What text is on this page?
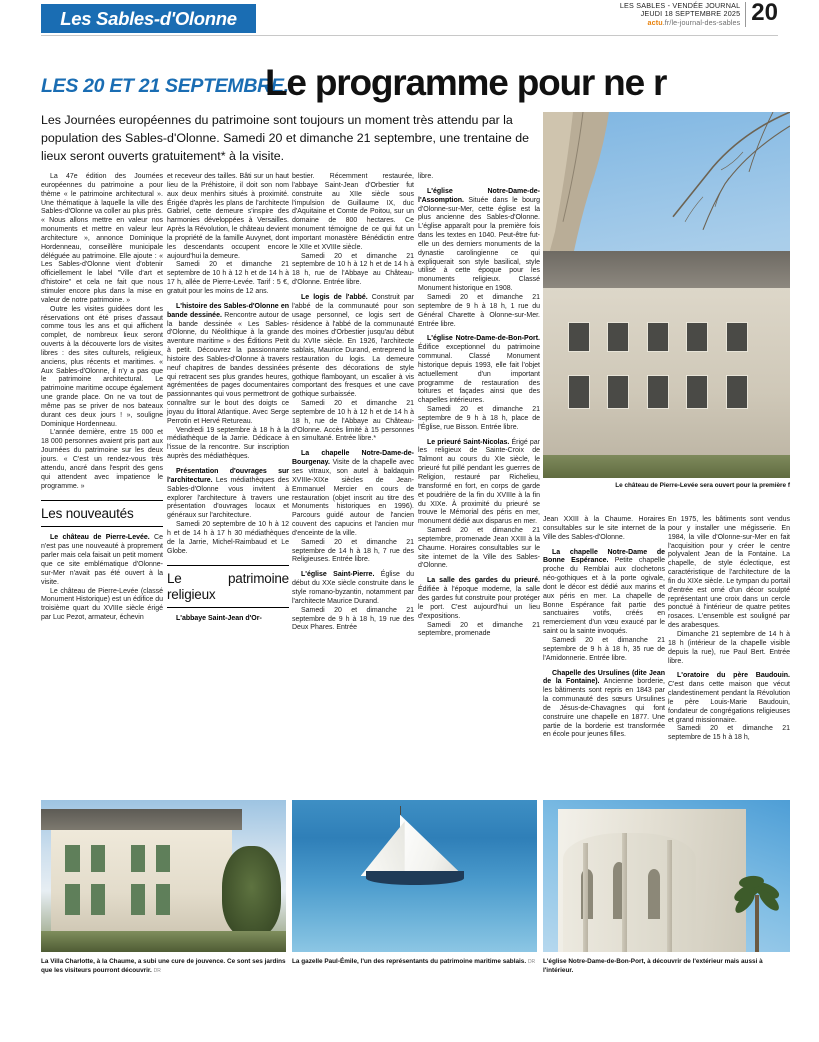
Les Sables-d'Olonne
LES SABLES - VENDÉE JOURNAL
JEUDI 18 SEPTEMBRE 2025
actu.fr/le-journal-des-sables 20
LES 20 ET 21 SEPTEMBRE.
Le programme pour ne r
Les Journées européennes du patrimoine sont toujours un moment très attendu par la population des Sables-d'Olonne. Samedi 20 et dimanche 21 septembre, une trentaine de lieux seront ouverts gratuitement* à la visite.
Le château de Pierre-Levée sera ouvert pour la première f

La 47e édition des Journées européennes du patrimoine a pour thème « le patrimoine architectural ». Une thématique à laquelle la ville des Sables-d'Olonne va coller au plus près. « Nous allons mettre en valeur nos monuments et mettre en valeur leur architecture », annonce Dominique Hordenneau, conseillère municipale déléguée au patrimoine. Elle ajoute : « Les Sables-d'Olonne vient d'obtenir officiellement le label "Ville d'art et d'histoire" et cela ne fait que nous stimuler encore plus dans la mise en valeur de notre patrimoine. »

Outre les visites guidées dont les réservations ont été prises d'assaut comme tous les ans et qui affichent complet, de nombreux lieux seront ouverts à la découverte lors de visites libres : des sites culturels, religieux, anciens, plus récents et maritimes. « Aux Sables-d'Olonne, il n'y a pas que le patrimoine architectural. Le patrimoine maritime occupe également une grande place. On ne va tout de même pas se priver de nos bateaux durant ces deux jours ! », souligne Dominique Hordenneau.

L'année dernière, entre 15 000 et 18 000 personnes avaient pris part aux Journées du patrimoine sur les deux jours. « C'est un rendez-vous très attendu, ancré dans l'esprit des gens qui attendent avec impatience le programme. »

Les nouveautés

Le château de Pierre-Levée. Ce n'est pas une nouveauté à proprement parler mais cela faisait un petit moment que ce site emblématique d'Olonne-sur-Mer n'avait pas été ouvert à la visite.

Le château de Pierre-Levée (classé Monument Historique) est un édifice du troisième quart du XVIIIe siècle érigé par Luc Pezot, armateur, échevin

et receveur des tailles. Bâti sur un haut lieu de la Préhistoire, il doit son nom aux deux menhirs situés à proximité. Érigée d'après les plans de l'architecte Gabriel, cette demeure s'inspire des harmonies développées à Versailles. Après la Révolution, le château devient la propriété de la famille Auvynet, dont les descendants occupent encore aujourd'hui la demeure.

Samedi 20 et dimanche 21 septembre de 10 h à 12 h et de 14 h à 17 h, allée de Pierre-Levée. Tarif : 5 €, gratuit pour les moins de 12 ans.

L'histoire des Sables-d'Olonne en bande dessinée. Rencontre autour de la bande dessinée « Les Sables-d'Olonne, du Néolithique à la grande aventure maritime » des Éditions Petit à petit. Découvrez la passionnante histoire des Sables-d'Olonne à travers neuf chapitres de bandes dessinées qui retracent ses plus grandes heures, agrémentées de pages documentaires passionnantes qui vous permettront de connaître sur le bout des doigts ce joyau du littoral Atlantique. Avec Serge Perrotin et Hervé Retureau.

Vendredi 19 septembre à 18 h à la médiathèque de la Jarrie. Dédicace à l'issue de la rencontre. Sur inscription auprès des médiathèques.

Présentation d'ouvrages sur l'architecture. Les médiathèques des Sables-d'Olonne vous invitent à explorer l'architecture à travers une présentation d'ouvrages locaux et généraux sur l'architecture.

Samedi 20 septembre de 10 h à 12 h et de 14 h à 17 h 30 médiathèques de la Jarrie, Michel-Raimbaud et Le Globe.

Le patrimoine religieux

L'abbaye Saint-Jean d'Or-

bestier. Récemment restaurée, l'abbaye Saint-Jean d'Orbestier fut construite au XIIe siècle sous l'impulsion de Guillaume IX, duc d'Aquitaine et Comte de Poitou, sur un domaine de 800 hectares. Ce monument témoigne de ce qui fut un important monastère Bénédictin entre le XIIe et XVIIIe siècle.

Samedi 20 et dimanche 21 septembre de 10 h à 12 h et de 14 h à 18 h, rue de l'Abbaye au Château-d'Olonne. Entrée libre.

Le logis de l'abbé. Construit par l'abbé de la communauté pour son usage personnel, ce logis sert de résidence à l'abbé de la communauté des moines d'Orbestier jusqu'au début du XVIIe siècle. En 1926, l'architecte sablais, Maurice Durand, entreprend la restauration du logis. La demeure présente des décorations de style gothique flamboyant, un escalier à vis comportant des fresques et une cave gothique surbaissée.

Samedi 20 et dimanche 21 septembre de 10 h à 12 h et de 14 h à 18 h, rue de l'Abbaye au Château-d'Olonne. Accès limité à 15 personnes en simultané. Entrée libre.*

La chapelle Notre-Dame-de-Bourgenay. Visite de la chapelle avec ses vitraux, son autel à baldaquin XVIIIe-XIXe siècles de Jean-Emmanuel Mercier en cours de restauration (objet inscrit au titre des Monuments historiques en 1996). Parcours guidé autour de l'ancien couvent des capucins et l'ancien mur d'enceinte de la ville.

Samedi 20 et dimanche 21 septembre de 14 h à 18 h, 7 rue des Religieuses. Entrée libre.

L'église Saint-Pierre. Église du début du XXe siècle construite dans le style romano-byzantin, notamment par l'architecte Maurice Durand.

Samedi 20 et dimanche 21 septembre de 9 h à 18 h, 19 rue des Deux Phares. Entrée

libre.

L'église Notre-Dame-de-l'Assomption. Située dans le bourg d'Olonne-sur-Mer, cette église est la plus ancienne des Sables-d'Olonne. L'église apparaît pour la première fois dans les textes en 1040. Peut-être fut-elle un des derniers monuments de la dynastie carolingienne ce qui expliquerait son style basilical, style utilisé à cette époque pour les monuments religieux. Classé Monument historique en 1908.

Samedi 20 et dimanche 21 septembre de 9 h à 18 h, 1 rue du Général Charette à Olonne-sur-Mer. Entrée libre.

L'église Notre-Dame-de-Bon-Port. Édifice exceptionnel du patrimoine communal. Classé Monument historique depuis 1993, elle fait l'objet actuellement d'un important programme de restauration des toitures et façades ainsi que des chapelles intérieures.

Samedi 20 et dimanche 21 septembre de 9 h à 18 h, place de l'Église, rue Bisson. Entrée libre.

Le prieuré Saint-Nicolas. Érigé par les religieux de Sainte-Croix de Talmont au cours du XIe siècle, le prieuré fut pillé pendant les guerres de Religion, restauré par Richelieu, transformé en fort, en corps de garde et poudrière de la fin du XVIIIe à la fin du XIXe. À proximité du prieuré se trouve le Mémorial des péris en mer, monument dédié aux disparus en mer.

Samedi 20 et dimanche 21 septembre, promenade Jean XXIII à la Chaume. Horaires consultables sur le site internet de la Ville des Sables-d'Olonne.

La salle des gardes du prieuré. Édifiée à l'époque moderne, la salle des gardes fut construite pour protéger le port. C'est aujourd'hui un lieu d'expositions.

Samedi 20 et dimanche 21 septembre, promenade

Jean XXIII à la Chaume. Horaires consultables sur le site internet de la Ville des Sables-d'Olonne.

La chapelle Notre-Dame de Bonne Espérance. Petite chapelle proche du Remblai aux clochetons néo-gothiques et à la porte ogivale, dont le décor est dédié aux marins et aux péris en mer. La chapelle de Bonne Espérance fait partie des sanctuaires votifs, créés en remerciement d'un vœu exaucé par le saint ou la sainte invoqués.

Samedi 20 et dimanche 21 septembre de 9 h à 18 h, 35 rue de l'Amidonnerie. Entrée libre.

Chapelle des Ursulines (dite Jean de la Fontaine). Ancienne borderie, les bâtiments sont repris en 1843 par la communauté des sœurs Ursulines de Jésus-de-Chavagnes qui font construire une chapelle en 1877. Une partie de la borderie est transformée en école pour jeunes filles.

En 1975, les bâtiments sont vendus pour y installer une mégisserie. En 1984, la ville d'Olonne-sur-Mer en fait l'acquisition pour y créer le centre polyvalent Jean de la Fontaine. La chapelle, de style éclectique, est caractéristique de l'architecture de la fin du XIXe siècle. Le tympan du portail d'entrée est orné d'un décor sculpté représentant une croix dans un cercle ponctué à l'intérieur de quatre petites rosaces. L'ensemble est souligné par des arabesques.

Dimanche 21 septembre de 14 h à 18 h (intérieur de la chapelle visible depuis la rue), rue Paul Bert. Entrée libre.

L'oratoire du père Baudouin. C'est dans cette maison que vécut clandestinement pendant la Révolution le père Louis-Marie Baudouin, fondateur de congrégations religieuses et grand missionnaire.

Samedi 20 et dimanche 21 septembre de 15 h à 18 h,

La Villa Charlotte, à la Chaume, a subi une cure de jouvence. Ce sont ses jardins que les visiteurs pourront découvrir. DR
La gazelle Paul-Émile, l'un des représentants du patrimoine maritime sablais. DR L'église Notre-Dame-de-Bon-Port, à découvrir de l'extérieur mais aussi à l'intérieur.
